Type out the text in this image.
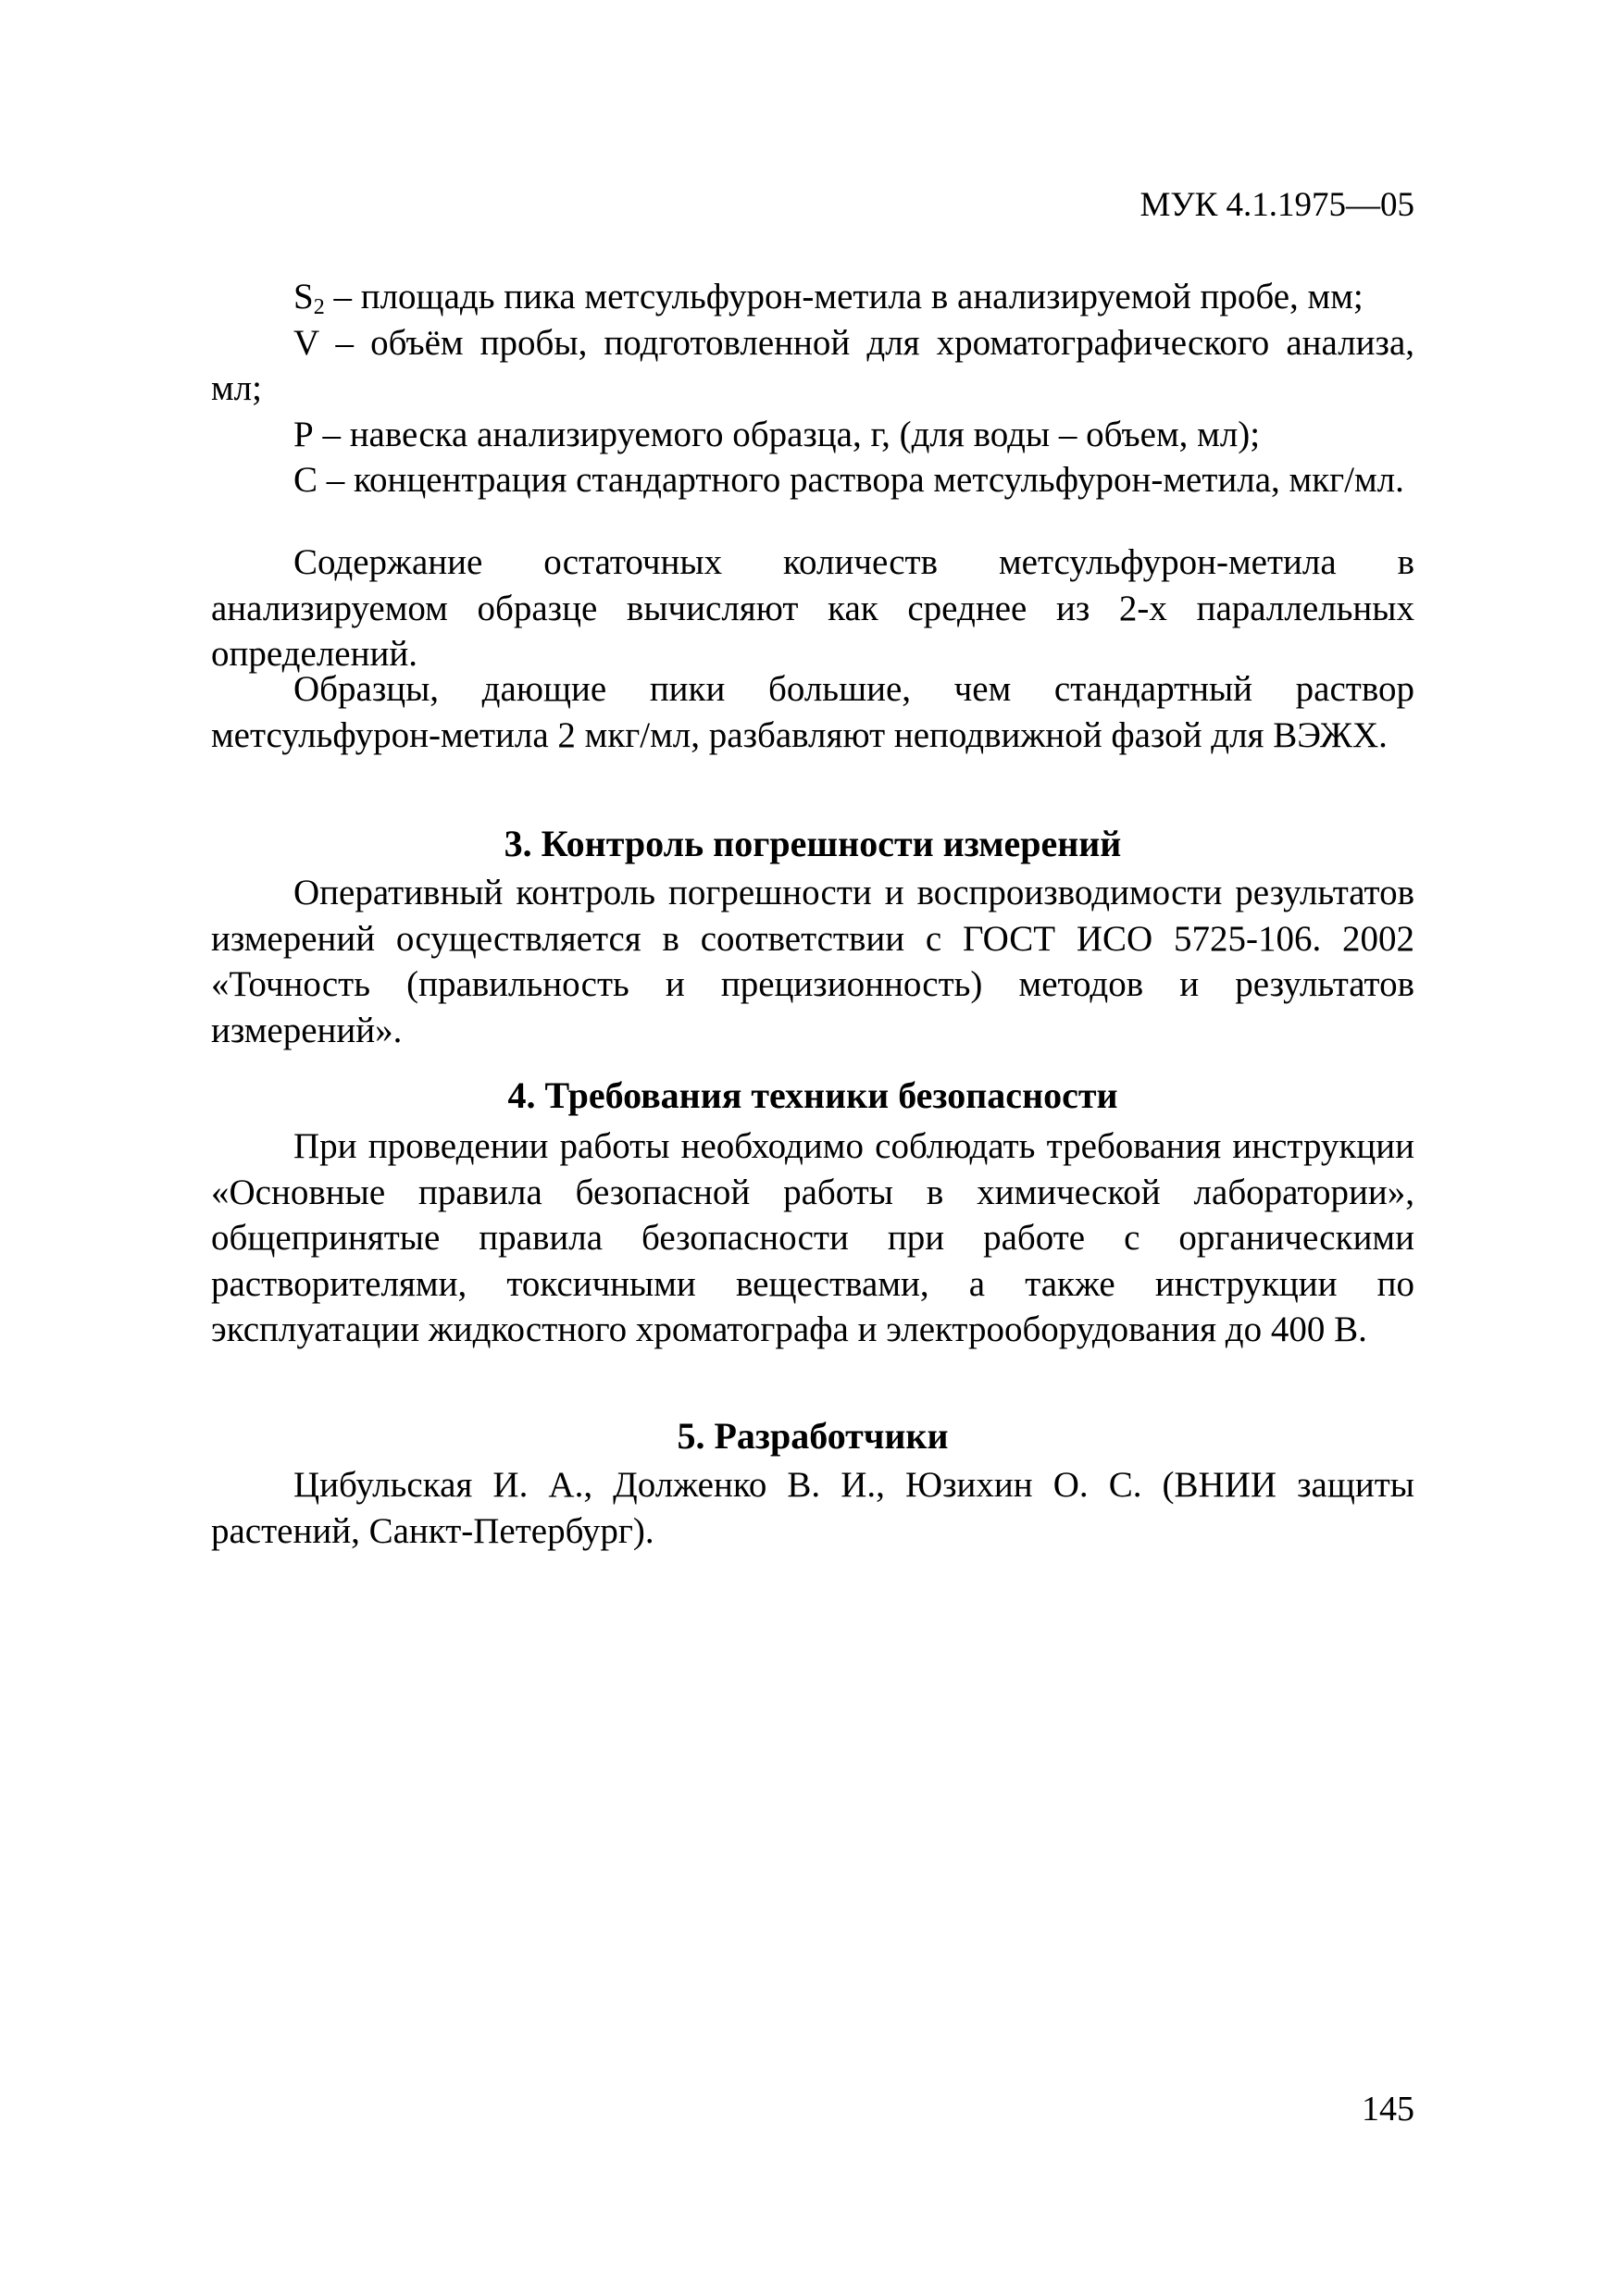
МУК 4.1.1975—05

$S_2$ – площадь пика метсульфурон-метила в анализируемой пробе, мм;

V – объём пробы, подготовленной для хроматографического анализа, мл;

Р – навеска анализируемого образца, г, (для воды – объем, мл);

С – концентрация стандартного раствора метсульфурон-метила, мкг/мл.

Содержание остаточных количеств метсульфурон-метила в анализируемом образце вычисляют как среднее из 2-х параллельных определений.

Образцы, дающие пики большие, чем стандартный раствор метсульфурон-метила 2 мкг/мл, разбавляют неподвижной фазой для ВЭЖХ.

3. Контроль погрешности измерений

Оперативный контроль погрешности и воспроизводимости результатов измерений осуществляется в соответствии с ГОСТ ИСО 5725-106. 2002 «Точность (правильность и прецизионность) методов и результатов измерений».

4. Требования техники безопасности

При проведении работы необходимо соблюдать требования инструкции «Основные правила безопасной работы в химической лаборатории», общепринятые правила безопасности при работе с органическими растворителями, токсичными веществами, а также инструкции по эксплуатации жидкостного хроматографа и электрооборудования до 400 В.

5. Разработчики

Цибульская И. А., Долженко В. И., Юзихин О. С. (ВНИИ защиты растений, Санкт-Петербург).

145
